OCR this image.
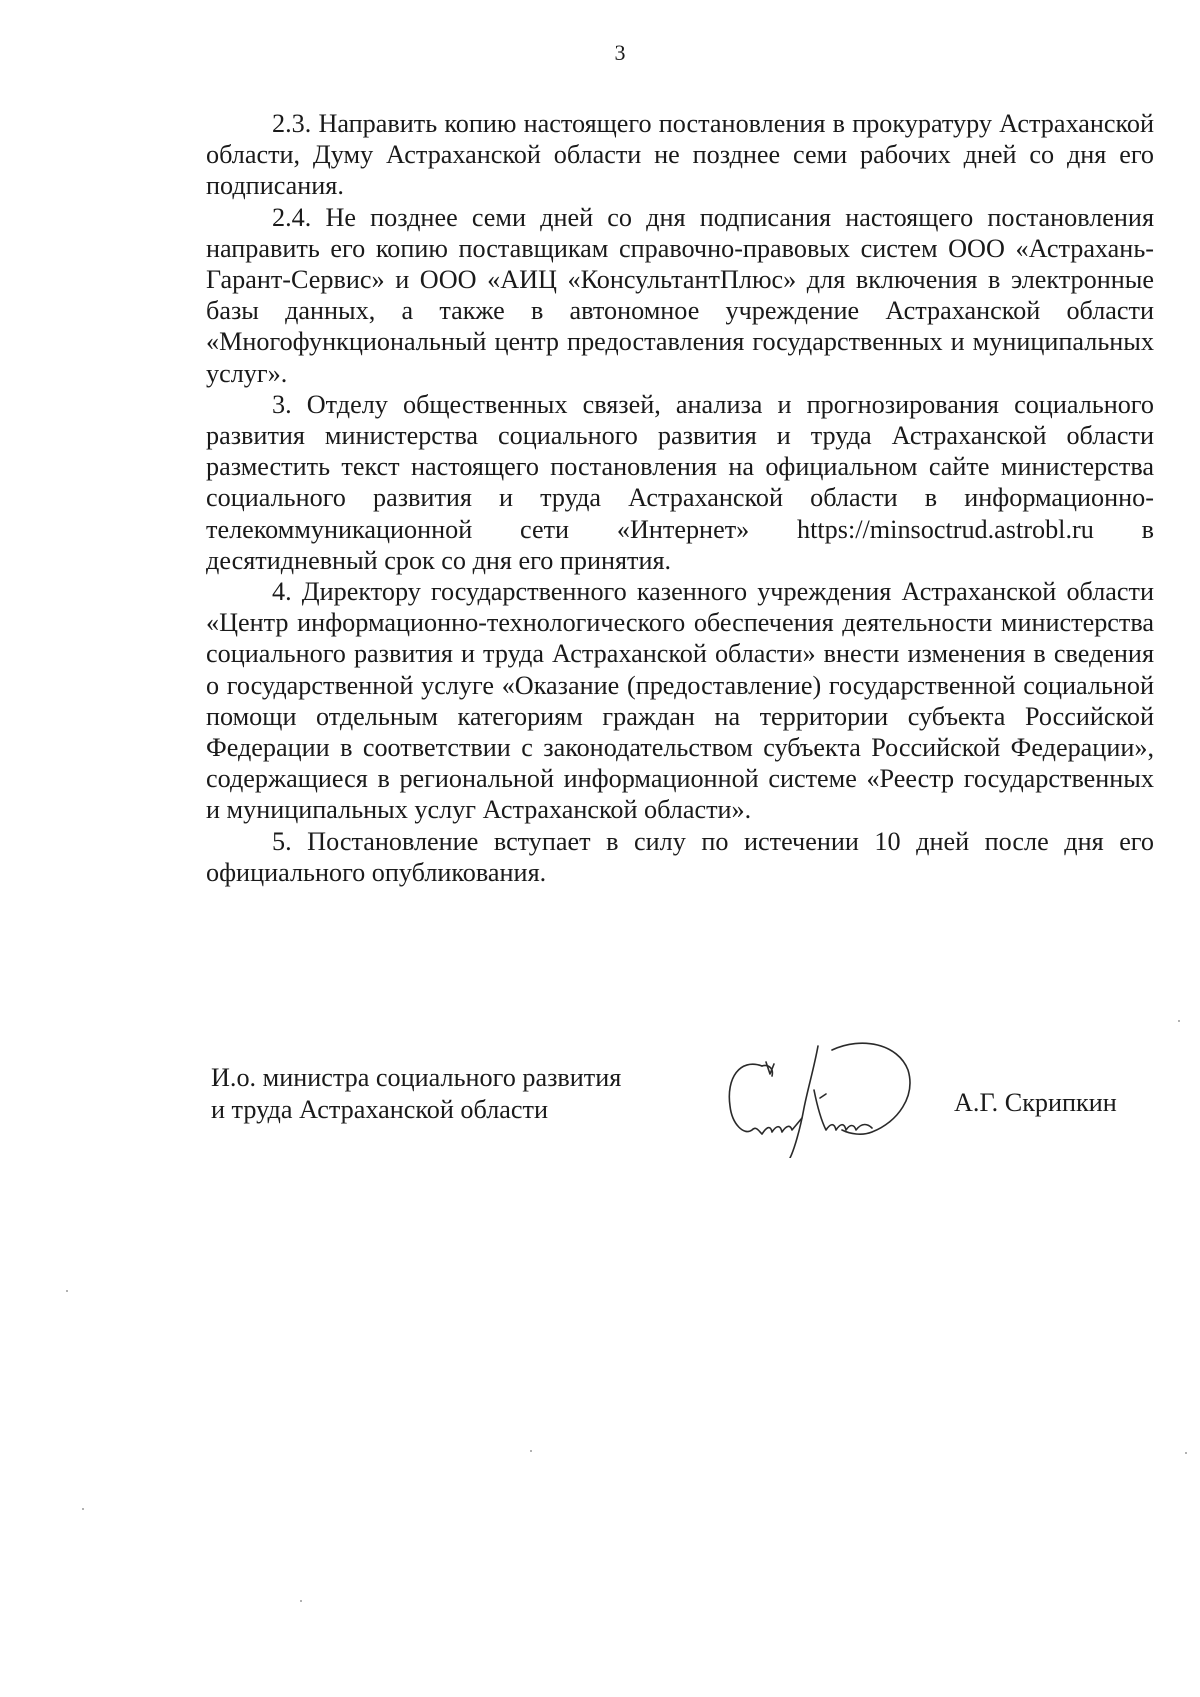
3

2.3. Направить копию настоящего постановления в прокуратуру Астраханской области, Думу Астраханской области не позднее семи рабочих дней со дня его подписания.

2.4. Не позднее семи дней со дня подписания настоящего постановления направить его копию поставщикам справочно-правовых систем ООО «Астрахань-Гарант-Сервис» и ООО «АИЦ «КонсультантПлюс» для включения в электронные базы данных, а также в автономное учреждение Астраханской области «Многофункциональный центр предоставления государственных и муниципальных услуг».

3. Отделу общественных связей, анализа и прогнозирования социального развития министерства социального развития и труда Астраханской области разместить текст настоящего постановления на официальном сайте министерства социального развития и труда Астраханской области в информационно-телекоммуникационной сети «Интернет» https://minsoctrud.astrobl.ru в десятидневный срок со дня его принятия.

4. Директору государственного казенного учреждения Астраханской области «Центр информационно-технологического обеспечения деятельности министерства социального развития и труда Астраханской области» внести изменения в сведения о государственной услуге «Оказание (предоставление) государственной социальной помощи отдельным категориям граждан на территории субъекта Российской Федерации в соответствии с законодательством субъекта Российской Федерации», содержащиеся в региональной информационной системе «Реестр государственных и муниципальных услуг Астраханской области».

5. Постановление вступает в силу по истечении 10 дней после дня его официального опубликования.

И.о. министра социального развития
и труда Астраханской области	А.Г. Скрипкин
